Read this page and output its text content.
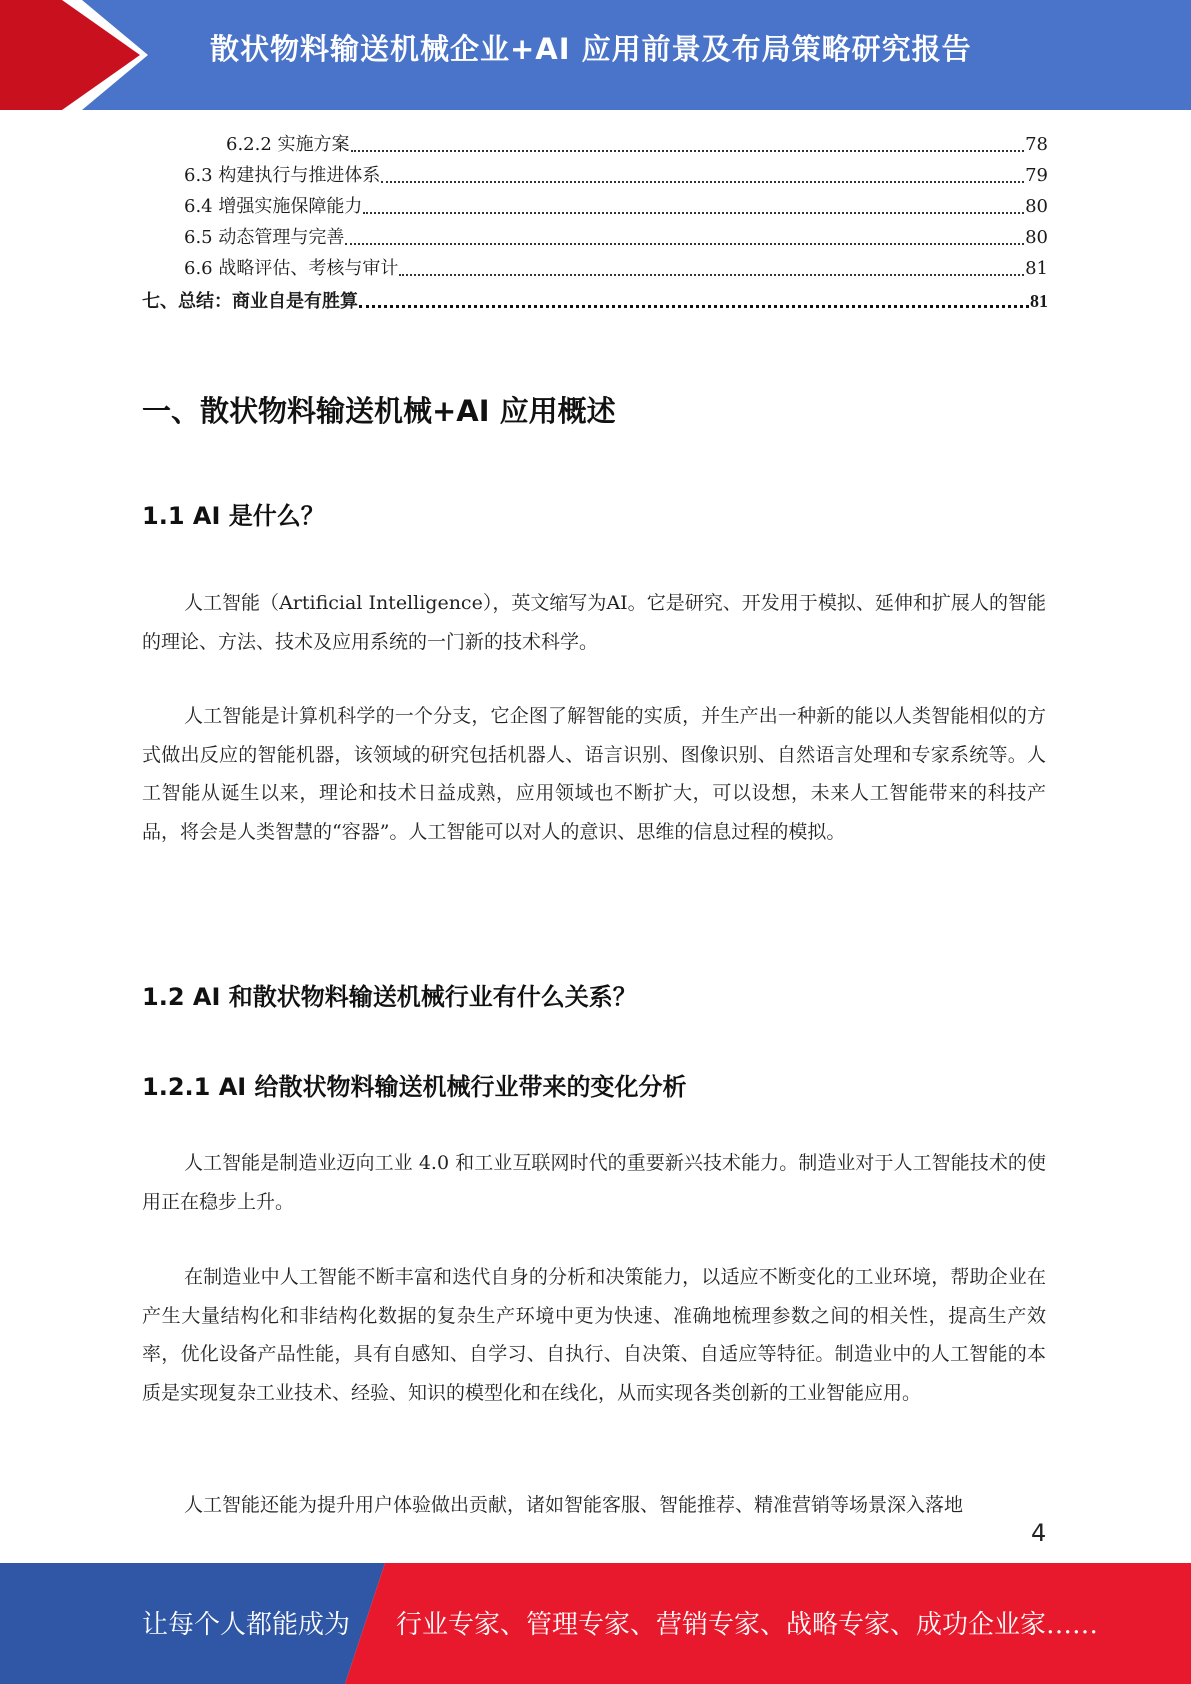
散状物料输送机械企业+AI 应用前景及布局策略研究报告
6.2.2 实施方案	78
6.3 构建执行与推进体系	79
6.4 增强实施保障能力	80
6.5 动态管理与完善	80
6.6 战略评估、考核与审计	81
七、总结：商业自是有胜算	81
一、散状物料输送机械+AI 应用概述
1.1 AI 是什么？
人工智能（Artificial Intelligence），英文缩写为AI。它是研究、开发用于模拟、延伸和扩展人的智能的理论、方法、技术及应用系统的一门新的技术科学。
人工智能是计算机科学的一个分支，它企图了解智能的实质，并生产出一种新的能以人类智能相似的方式做出反应的智能机器，该领域的研究包括机器人、语言识别、图像识别、自然语言处理和专家系统等。人工智能从诞生以来，理论和技术日益成熟，应用领域也不断扩大，可以设想，未来人工智能带来的科技产品，将会是人类智慧的“容器”。人工智能可以对人的意识、思维的信息过程的模拟。
1.2 AI 和散状物料输送机械行业有什么关系？
1.2.1 AI 给散状物料输送机械行业带来的变化分析
人工智能是制造业迈向工业 4.0 和工业互联网时代的重要新兴技术能力。制造业对于人工智能技术的使用正在稳步上升。
在制造业中人工智能不断丰富和迭代自身的分析和决策能力，以适应不断变化的工业环境，帮助企业在产生大量结构化和非结构化数据的复杂生产环境中更为快速、准确地梳理参数之间的相关性，提高生产效率，优化设备产品性能，具有自感知、自学习、自执行、自决策、自适应等特征。制造业中的人工智能的本质是实现复杂工业技术、经验、知识的模型化和在线化，从而实现各类创新的工业智能应用。
人工智能还能为提升用户体验做出贡献，诸如智能客服、智能推荐、精准营销等场景深入落地
4
让每个人都能成为 行业专家、管理专家、营销专家、战略专家、成功企业家……
